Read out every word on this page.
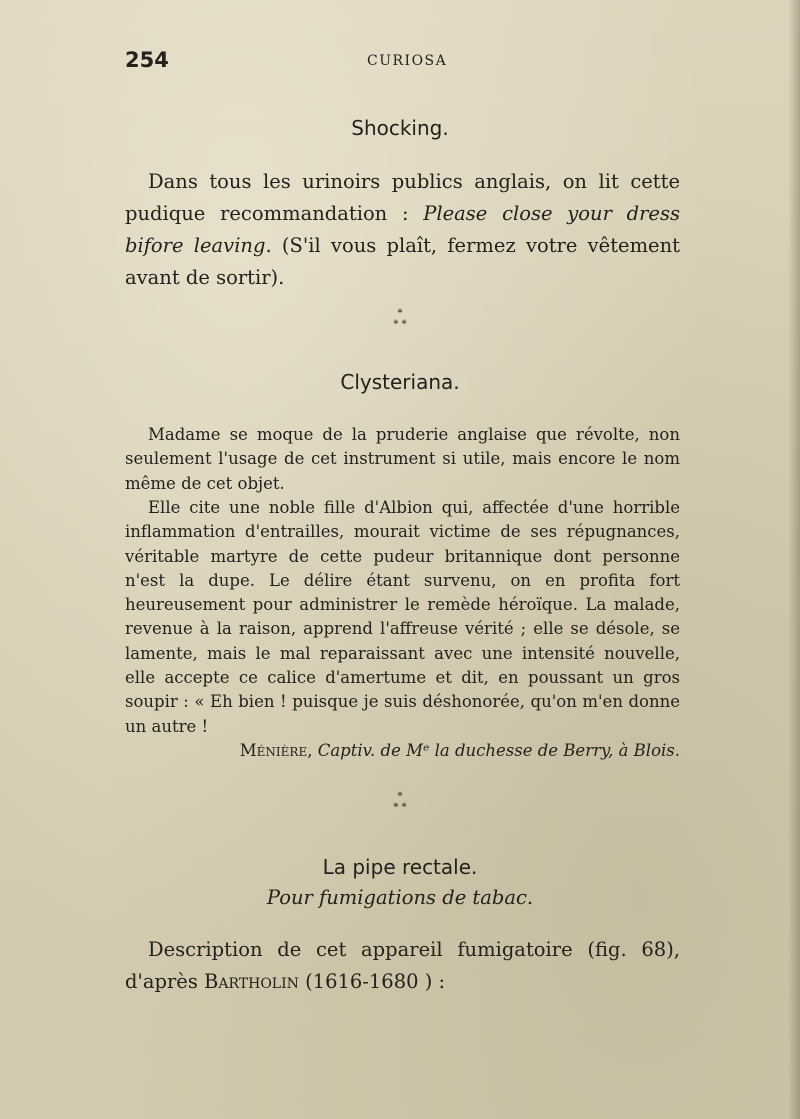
254	CURIOSA
Shocking.

Dans tous les urinoirs publics anglais, on lit cette pudique recommandation : Please close your dress bifore leaving. (S'il vous plaît, fermez votre vêtement avant de sortir).

*
* *
Clysteriana.

Madame se moque de la pruderie anglaise que révolte, non seulement l'usage de cet instrument si utile, mais encore le nom même de cet objet.

Elle cite une noble fille d'Albion qui, affectée d'une horrible inflammation d'entrailles, mourait victime de ses répugnances, véritable martyre de cette pudeur britannique dont personne n'est la dupe. Le délire étant survenu, on en profita fort heureusement pour administrer le remède héroïque. La malade, revenue à la raison, apprend l'affreuse vérité ; elle se désole, se lamente, mais le mal reparaissant avec une intensité nouvelle, elle accepte ce calice d'amertume et dit, en poussant un gros soupir : « Eh bien ! puisque je suis déshonorée, qu'on m'en donne un autre !

Ménière, Captiv. de Mᵉ la duchesse de Berry, à Blois.
*
* *
La pipe rectale.
Pour fumigations de tabac.

Description de cet appareil fumigatoire (fig. 68), d'après Bartholin (1616-1680 ) :
